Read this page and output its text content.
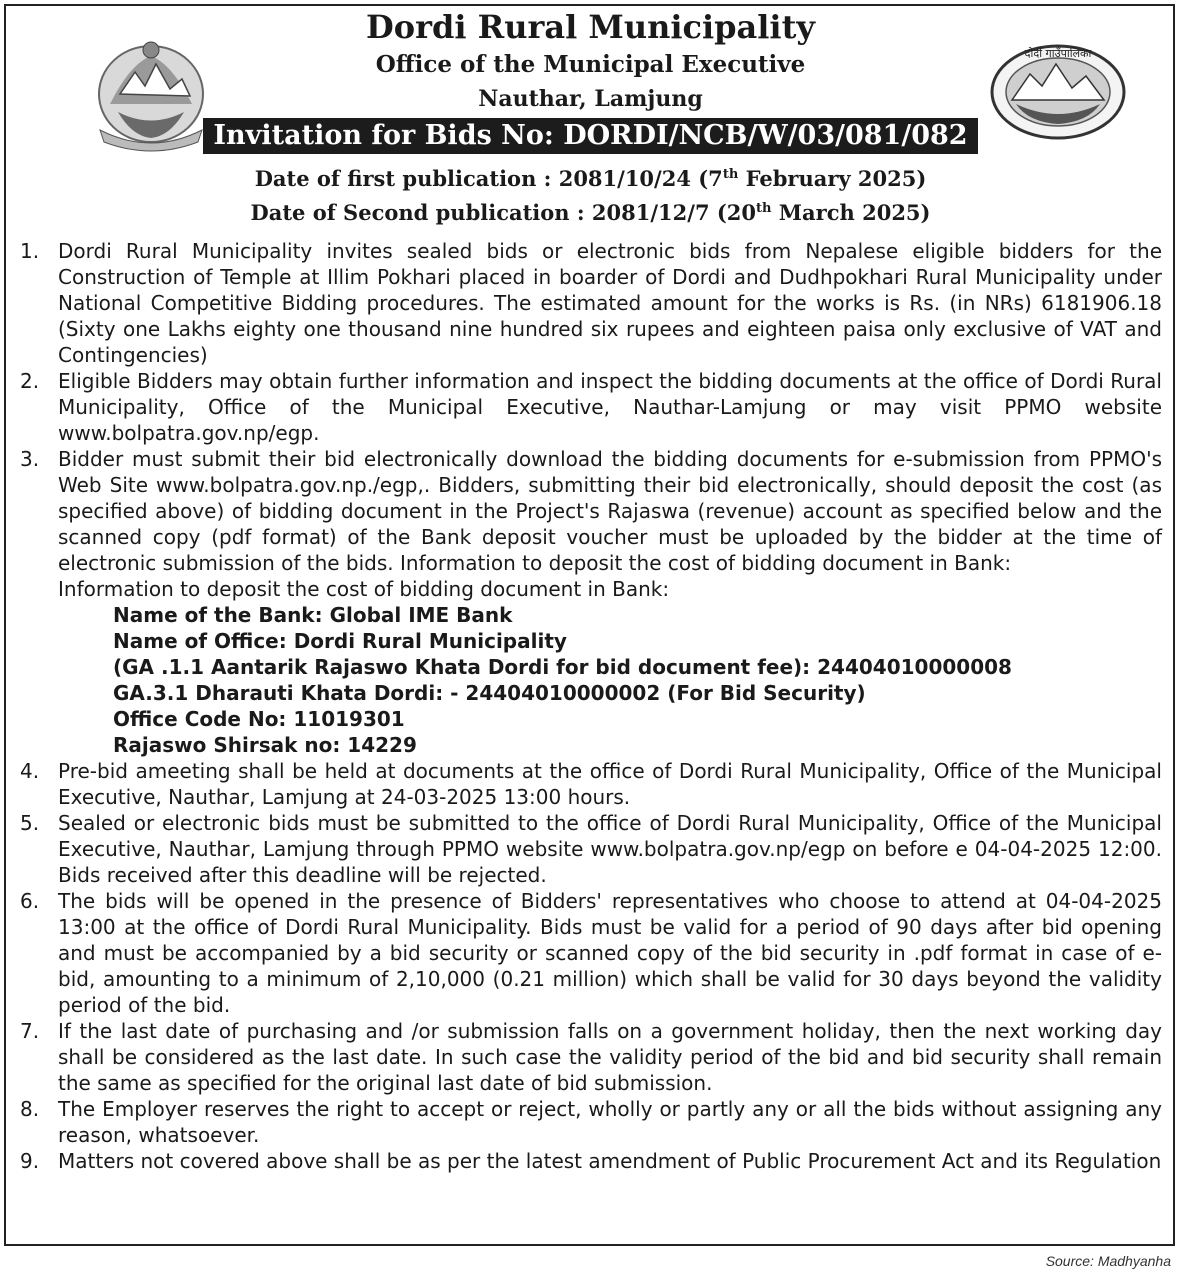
दोर्दी गाउँपालिका
Dordi Rural Municipality
Office of the Municipal Executive
Nauthar, Lamjung
Invitation for Bids No: DORDI/NCB/W/03/081/082
Date of first publication : 2081/10/24 (7th February 2025)
Date of Second publication : 2081/12/7 (20th March 2025)
1. Dordi Rural Municipality invites sealed bids or electronic bids from Nepalese eligible bidders for the Construction of Temple at Illim Pokhari placed in boarder of Dordi and Dudhpokhari Rural Municipality under National Competitive Bidding procedures. The estimated amount for the works is Rs. (in NRs) 6181906.18 (Sixty one Lakhs eighty one thousand nine hundred six rupees and eighteen paisa only exclusive of VAT and Contingencies)
2. Eligible Bidders may obtain further information and inspect the bidding documents at the office of Dordi Rural Municipality, Office of the Municipal Executive, Nauthar-Lamjung or may visit PPMO website www.bolpatra.gov.np/egp.
3. Bidder must submit their bid electronically download the bidding documents for e-submission from PPMO's Web Site www.bolpatra.gov.np./egp,. Bidders, submitting their bid electronically, should deposit the cost (as specified above) of bidding document in the Project's Rajaswa (revenue) account as specified below and the scanned copy (pdf format) of the Bank deposit voucher must be uploaded by the bidder at the time of electronic submission of the bids. Information to deposit the cost of bidding document in Bank:
Information to deposit the cost of bidding document in Bank:
Name of the Bank: Global IME Bank
Name of Office: Dordi Rural Municipality
(GA .1.1 Aantarik Rajaswo Khata Dordi for bid document fee): 24404010000008
GA.3.1 Dharauti Khata Dordi: - 24404010000002 (For Bid Security)
Office Code No: 11019301
Rajaswo Shirsak no: 14229
4. Pre-bid ameeting shall be held at documents at the office of Dordi Rural Municipality, Office of the Municipal Executive, Nauthar, Lamjung at 24-03-2025 13:00 hours.
5. Sealed or electronic bids must be submitted to the office of Dordi Rural Municipality, Office of the Municipal Executive, Nauthar, Lamjung through PPMO website www.bolpatra.gov.np/egp on before e 04-04-2025 12:00. Bids received after this deadline will be rejected.
6. The bids will be opened in the presence of Bidders' representatives who choose to attend at 04-04-2025 13:00 at the office of Dordi Rural Municipality. Bids must be valid for a period of 90 days after bid opening and must be accompanied by a bid security or scanned copy of the bid security in .pdf format in case of e-bid, amounting to a minimum of 2,10,000 (0.21 million) which shall be valid for 30 days beyond the validity period of the bid.
7. If the last date of purchasing and /or submission falls on a government holiday, then the next working day shall be considered as the last date. In such case the validity period of the bid and bid security shall remain the same as specified for the original last date of bid submission.
8. The Employer reserves the right to accept or reject, wholly or partly any or all the bids without assigning any reason, whatsoever.
9. Matters not covered above shall be as per the latest amendment of Public Procurement Act and its Regulation
Source: Madhyanha
